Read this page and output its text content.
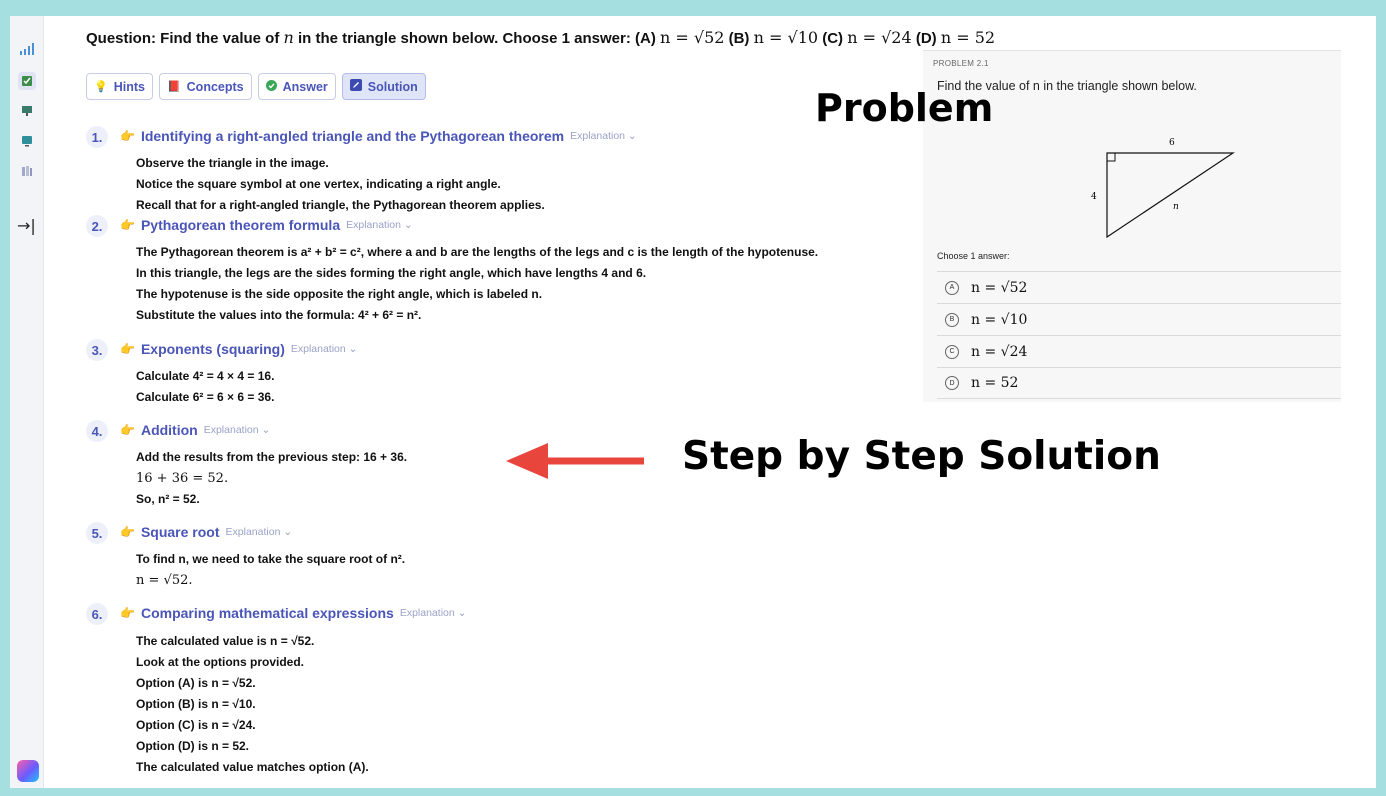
→|
Question: Find the value of n in the triangle shown below. Choose 1 answer: (A) n = √52 (B) n = √10 (C) n = √24 (D) n = 52
💡 Hints 📕 Concepts	Answer	Solution
1.	👉 Identifying a right-angled triangle and the Pythagorean theorem Explanation ⌄
Observe the triangle in the image.
Notice the square symbol at one vertex, indicating a right angle.
Recall that for a right-angled triangle, the Pythagorean theorem applies.
2.	👉 Pythagorean theorem formula Explanation ⌄
The Pythagorean theorem is a² + b² = c², where a and b are the lengths of the legs and c is the length of the hypotenuse.
In this triangle, the legs are the sides forming the right angle, which have lengths 4 and 6.
The hypotenuse is the side opposite the right angle, which is labeled n.
Substitute the values into the formula: 4² + 6² = n².
3.	👉 Exponents (squaring) Explanation ⌄
Calculate 4² = 4 × 4 = 16.
Calculate 6² = 6 × 6 = 36.
4.	👉 Addition Explanation ⌄
Add the results from the previous step: 16 + 36.
16 + 36 = 52.
So, n² = 52.
5.	👉 Square root Explanation ⌄
To find n, we need to take the square root of n².
n = √52.
6.	👉 Comparing mathematical expressions Explanation ⌄
The calculated value is n = √52.
Look at the options provided.
Option (A) is n = √52.
Option (B) is n = √10.
Option (C) is n = √24.
Option (D) is n = 52.
The calculated value matches option (A).
PROBLEM 2.1
Find the value of n in the triangle shown below.
6
4
n
Choose 1 answer:
A	n = √52
B	n = √10
C	n = √24
D	n = 52
Problem
Step by Step Solution
